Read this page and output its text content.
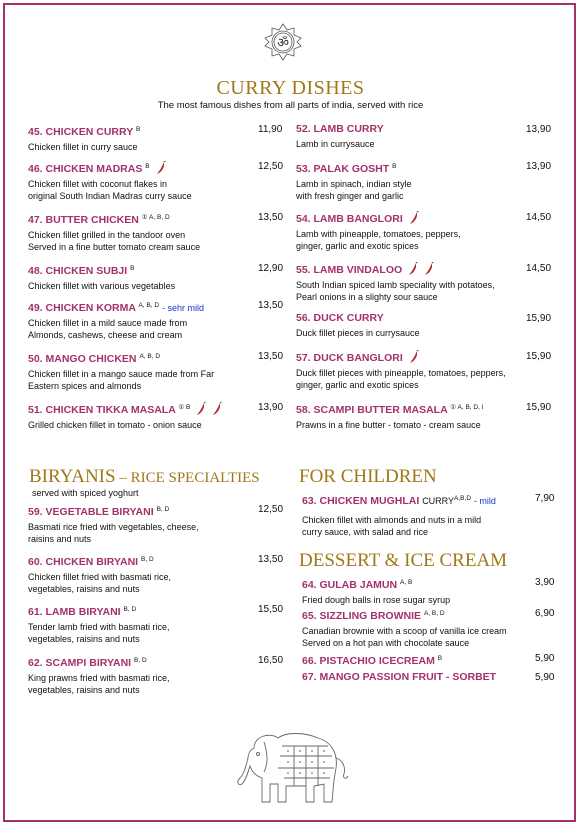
ॐ
CURRY DISHES
The most famous dishes from all parts of india, served with rice
45. CHICKEN CURRY $^B$
Chicken fillet in curry sauce
11,90
46. CHICKEN MADRAS $^B$
Chicken fillet with coconut flakes in
original South Indian Madras curry sauce
12,50
47. BUTTER CHICKEN $^{① A, B, D}$
Chicken fillet grilled in the tandoor oven
Served in a fine butter tomato cream sauce
13,50
48. CHICKEN SUBJI $^B$
Chicken fillet with various vegetables
12,90
49. CHICKEN KORMA $^{A, B, D}$ - sehr mild
Chicken fillet in a mild sauce made from
Almonds, cashews, cheese and cream
13,50
50. MANGO CHICKEN $^{A, B, D}$
Chicken fillet in a mango sauce made from Far
Eastern spices and almonds
13,50
51. CHICKEN TIKKA MASALA $^{① B}$
Grilled chicken fillet in tomato - onion sauce
13,90
52. LAMB CURRY
Lamb in currysauce
13,90
53. PALAK GOSHT $^B$
Lamb in spinach, indian style
with fresh ginger and garlic
13,90
54. LAMB BANGLORI
Lamb with pineapple, tomatoes, peppers,
ginger, garlic and exotic spices
14,50
55. LAMB VINDALOO
South Indian spiced lamb speciality with potatoes,
Pearl onions in a slighty sour sauce
14,50
56. DUCK CURRY
Duck fillet pieces in currysauce
15,90
57. DUCK BANGLORI
Duck fillet pieces with pineapple, tomatoes, peppers,
ginger, garlic and exotic spices
15,90
58. SCAMPI BUTTER MASALA $^{① A, B, D, I}$
Prawns in a fine butter - tomato - cream sauce
15,90
BIRYANIS – RICE SPECIALTIES
served with spiced yoghurt
59. VEGETABLE BIRYANI $^{B, D}$
Basmati rice fried with vegetables, cheese,
raisins and nuts
12,50
60. CHICKEN BIRYANI $^{B, D}$
Chicken fillet fried with basmati rice,
vegetables, raisins and nuts
13,50
61. LAMB BIRYANI $^{B, D}$
Tender lamb fried with basmati rice,
vegetables, raisins and nuts
15,50
62. SCAMPI BIRYANI $^{B, D}$
King prawns fried with basmati rice,
vegetables, raisins and nuts
16,50
FOR CHILDREN
63. CHICKEN MUGHLAI $CURRY^{A,B,D}$ - mild
Chicken fillet with almonds and nuts in a mild
curry sauce, with salad and rice
7,90
DESSERT & ICE CREAM
64. GULAB JAMUN $^{A, B}$
Fried dough balls in rose sugar syrup
3,90
65. SIZZLING BROWNIE $^{A, B, D}$
Canadian brownie with a scoop of vanilla ice cream
Served on a hot pan with chocolate sauce
6,90
66. PISTACHIO ICECREAM $^B$	5,90
67. MANGO PASSION FRUIT - SORBET	5,90
